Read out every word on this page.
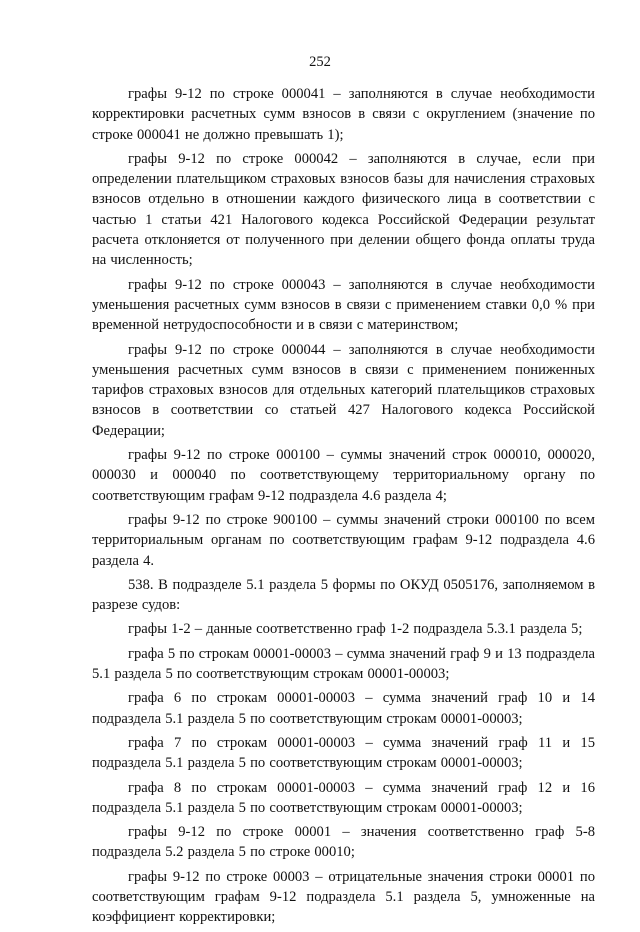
252

графы 9-12 по строке 000041 – заполняются в случае необходимости корректировки расчетных сумм взносов в связи с округлением (значение по строке 000041 не должно превышать 1);

графы 9-12 по строке 000042 – заполняются в случае, если при определении плательщиком страховых взносов базы для начисления страховых взносов отдельно в отношении каждого физического лица в соответствии с частью 1 статьи 421 Налогового кодекса Российской Федерации результат расчета отклоняется от полученного при делении общего фонда оплаты труда на численность;

графы 9-12 по строке 000043 – заполняются в случае необходимости уменьшения расчетных сумм взносов в связи с применением ставки 0,0 % при временной нетрудоспособности и в связи с материнством;

графы 9-12 по строке 000044 – заполняются в случае необходимости уменьшения расчетных сумм взносов в связи с применением пониженных тарифов страховых взносов для отдельных категорий плательщиков страховых взносов в соответствии со статьей 427 Налогового кодекса Российской Федерации;

графы 9-12 по строке 000100 – суммы значений строк 000010, 000020, 000030 и 000040 по соответствующему территориальному органу по соответствующим графам 9-12 подраздела 4.6 раздела 4;

графы 9-12 по строке 900100 – суммы значений строки 000100 по всем территориальным органам по соответствующим графам 9-12 подраздела 4.6 раздела 4.

538. В подразделе 5.1 раздела 5 формы по ОКУД 0505176, заполняемом в разрезе судов:

графы 1-2 – данные соответственно граф 1-2 подраздела 5.3.1 раздела 5;

графа 5 по строкам 00001-00003 – сумма значений граф 9 и 13 подраздела 5.1 раздела 5 по соответствующим строкам 00001-00003;

графа 6 по строкам 00001-00003 – сумма значений граф 10 и 14 подраздела 5.1 раздела 5 по соответствующим строкам 00001-00003;

графа 7 по строкам 00001-00003 – сумма значений граф 11 и 15 подраздела 5.1 раздела 5 по соответствующим строкам 00001-00003;

графа 8 по строкам 00001-00003 – сумма значений граф 12 и 16 подраздела 5.1 раздела 5 по соответствующим строкам 00001-00003;

графы 9-12 по строке 00001 – значения соответственно граф 5-8 подраздела 5.2 раздела 5 по строке 00010;

графы 9-12 по строке 00003 – отрицательные значения строки 00001 по соответствующим графам 9-12 подраздела 5.1 раздела 5, умноженные на коэффициент корректировки;
